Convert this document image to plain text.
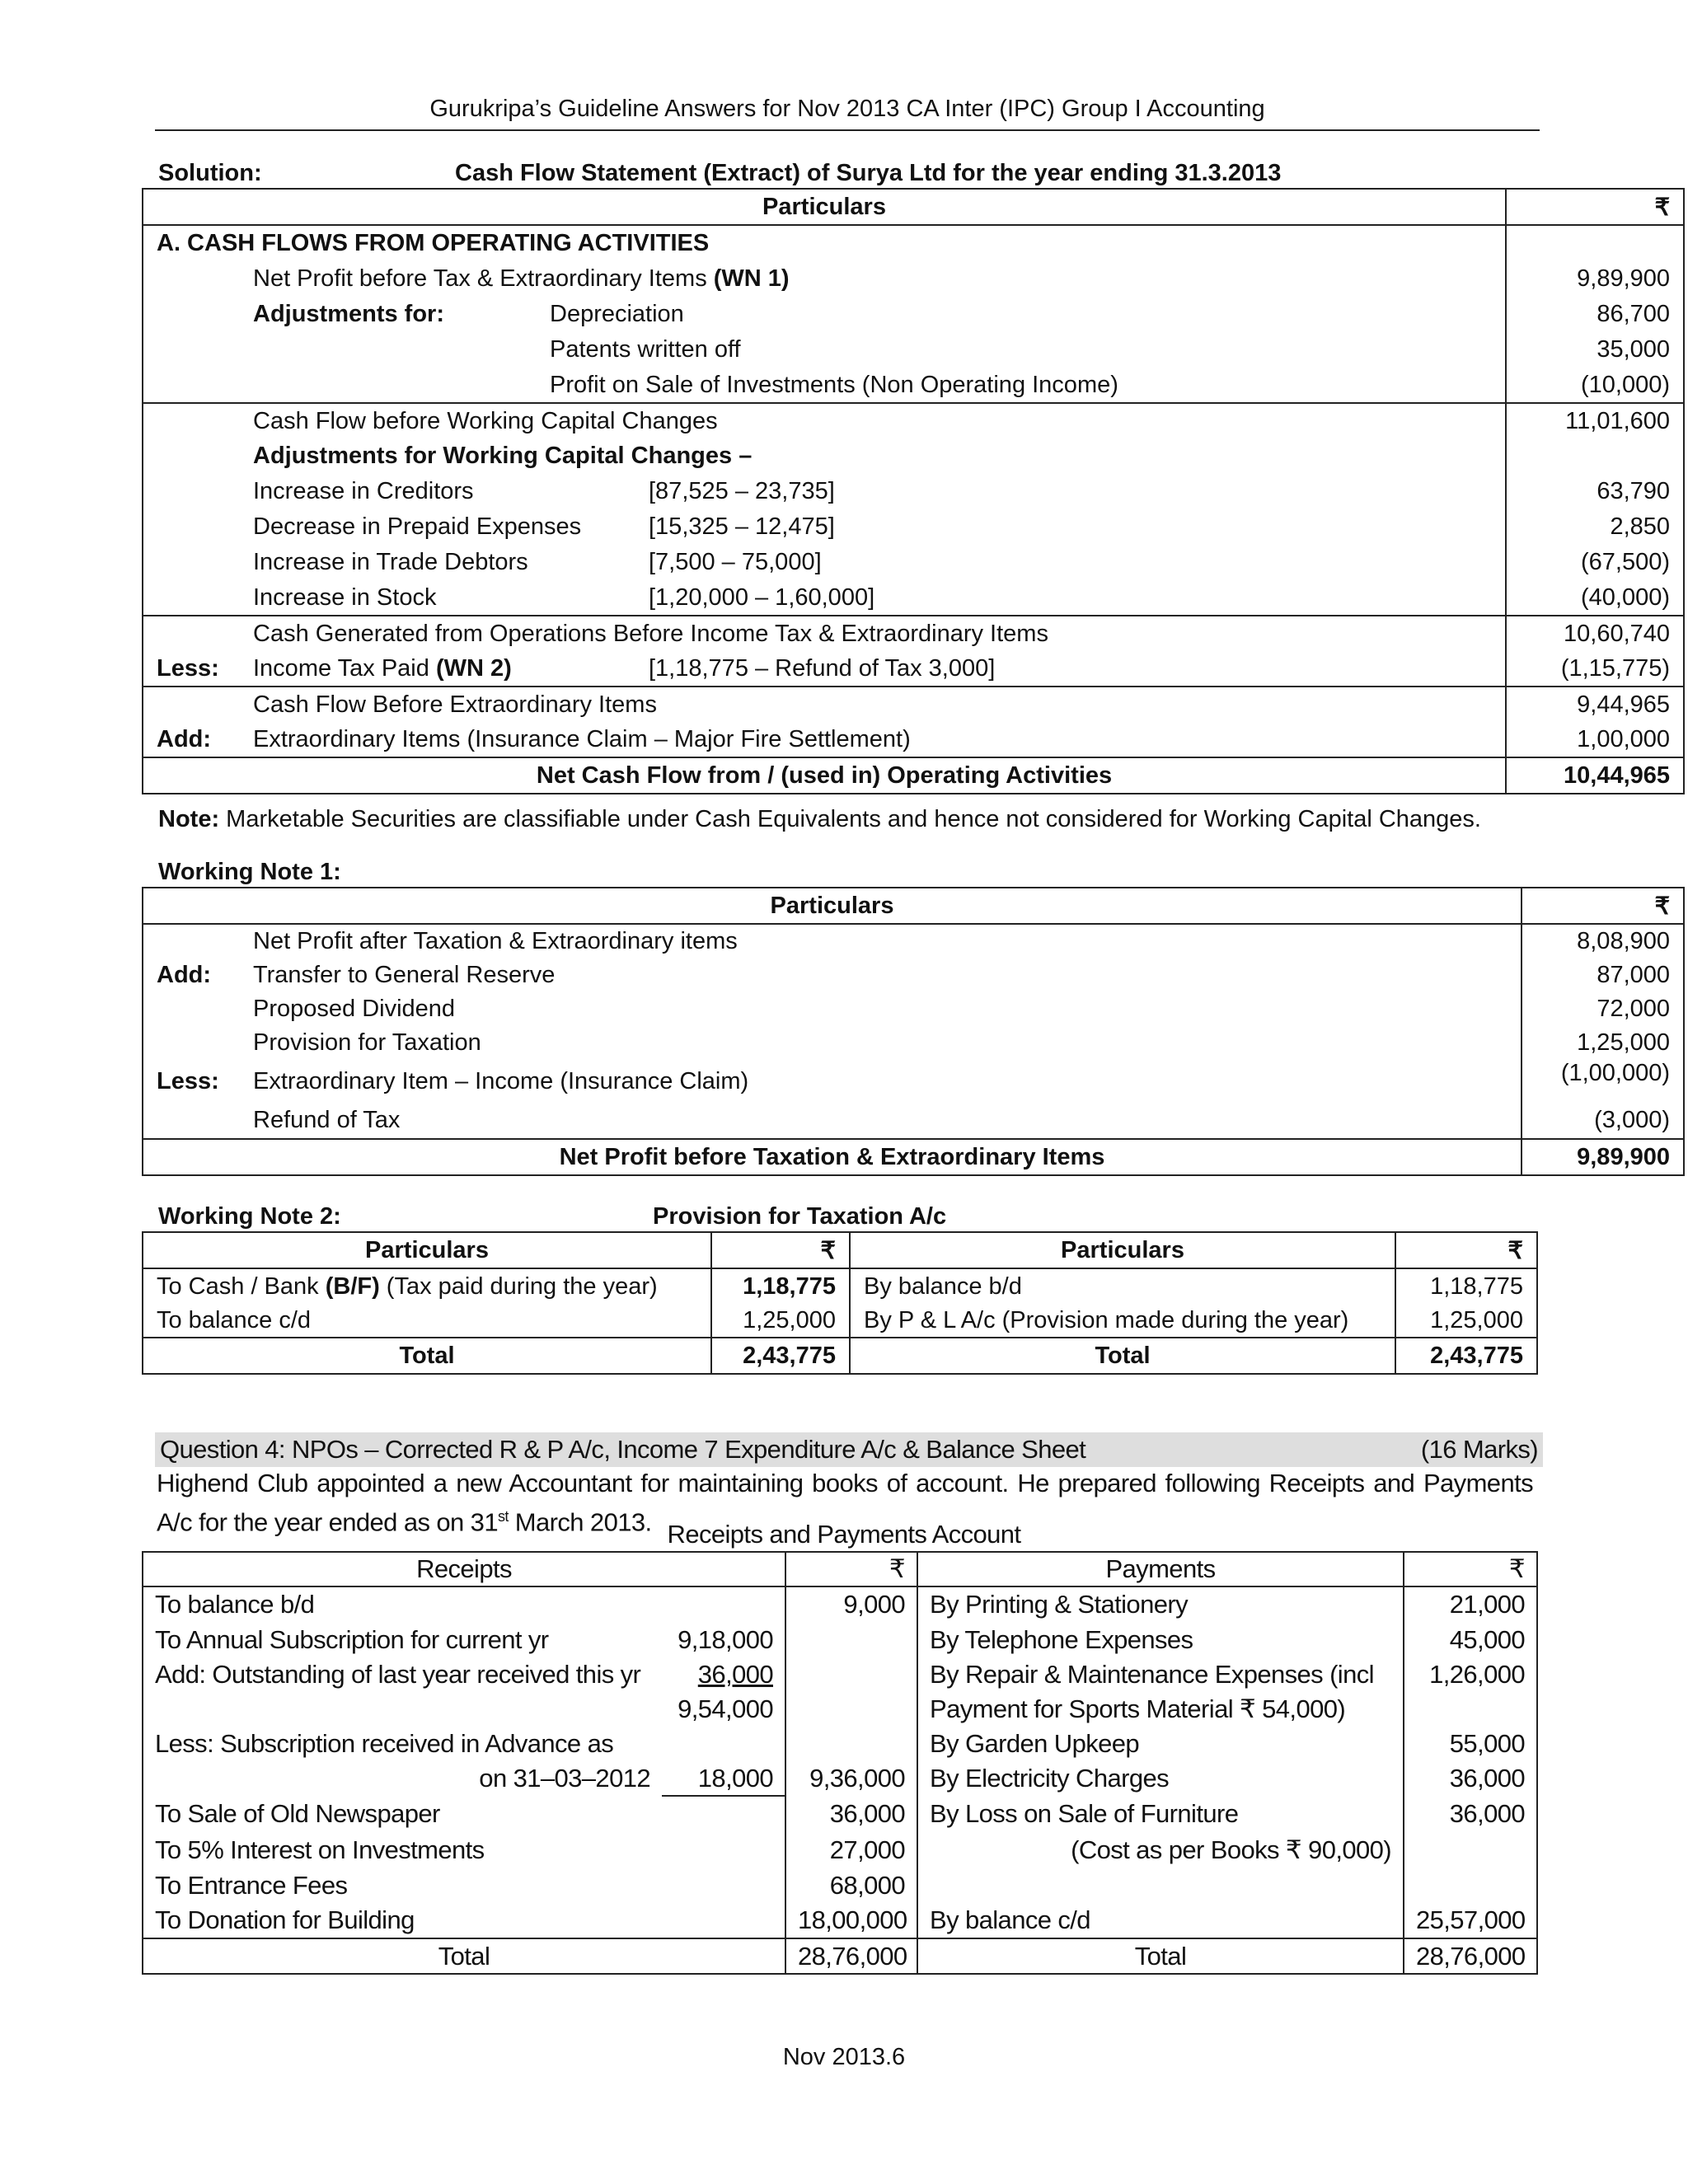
Gurukripa’s Guideline Answers for Nov 2013 CA Inter (IPC) Group I Accounting
Solution:	Cash Flow Statement (Extract) of Surya Ltd for the year ending 31.3.2013
Particulars			₹
A. CASH FLOWS FROM OPERATING ACTIVITIES			
	Net Profit before Tax & Extraordinary Items (WN 1)		9,89,900
	Adjustments for:	Depreciation	86,700
		Patents written off	35,000
		Profit on Sale of Investments (Non Operating Income)	(10,000)
	Cash Flow before Working Capital Changes		11,01,600
	Adjustments for Working Capital Changes –		
	Increase in Creditors [87,525 – 23,735]		63,790
	Decrease in Prepaid Expenses [15,325 – 12,475]		2,850
	Increase in Trade Debtors [7,500 – 75,000]		(67,500)
	Increase in Stock [1,20,000 – 1,60,000]		(40,000)
	Cash Generated from Operations Before Income Tax & Extraordinary Items		10,60,740
Less:	Income Tax Paid (WN 2) [1,18,775 – Refund of Tax 3,000]		(1,15,775)
	Cash Flow Before Extraordinary Items		9,44,965
Add:	Extraordinary Items (Insurance Claim – Major Fire Settlement)		1,00,000
Net Cash Flow from / (used in) Operating Activities			10,44,965
Note: Marketable Securities are classifiable under Cash Equivalents and hence not considered for Working Capital Changes.
Working Note 1:
Particulars		₹
	Net Profit after Taxation & Extraordinary items	8,08,900
Add:	Transfer to General Reserve	87,000
	Proposed Dividend	72,000
	Provision for Taxation	1,25,000
Less:	Extraordinary Item – Income (Insurance Claim)	(1,00,000)
	Refund of Tax	(3,000)
Net Profit before Taxation & Extraordinary Items		9,89,900
Working Note 2:	Provision for Taxation A/c
Particulars	₹	Particulars	₹
To Cash / Bank (B/F) (Tax paid during the year)	1,18,775	By balance b/d	1,18,775
To balance c/d	1,25,000	By P & L A/c (Provision made during the year)	1,25,000
Total	2,43,775	Total	2,43,775
Question 4: NPOs – Corrected R & P A/c, Income 7 Expenditure A/c & Balance Sheet	(16 Marks)
Highend Club appointed a new Accountant for maintaining books of account. He prepared following Receipts and Payments A/c for the year ended as on 31st March 2013. Receipts and Payments Account
Receipts		₹	Payments	₹
To balance b/d		9,000	By Printing & Stationery	21,000
To Annual Subscription for current yr	9,18,000		By Telephone Expenses	45,000
Add: Outstanding of last year received this yr	36,000		By Repair & Maintenance Expenses (incl	1,26,000
	9,54,000		Payment for Sports Material ₹ 54,000)	
Less: Subscription received in Advance as			By Garden Upkeep	55,000
on 31–03–2012	18,000	9,36,000	By Electricity Charges	36,000
To Sale of Old Newspaper		36,000	By Loss on Sale of Furniture	36,000
To 5% Interest on Investments		27,000	(Cost as per Books ₹ 90,000)	
To Entrance Fees		68,000		
To Donation for Building		18,00,000	By balance c/d	25,57,000
Total		28,76,000	Total	28,76,000
Nov 2013.6
